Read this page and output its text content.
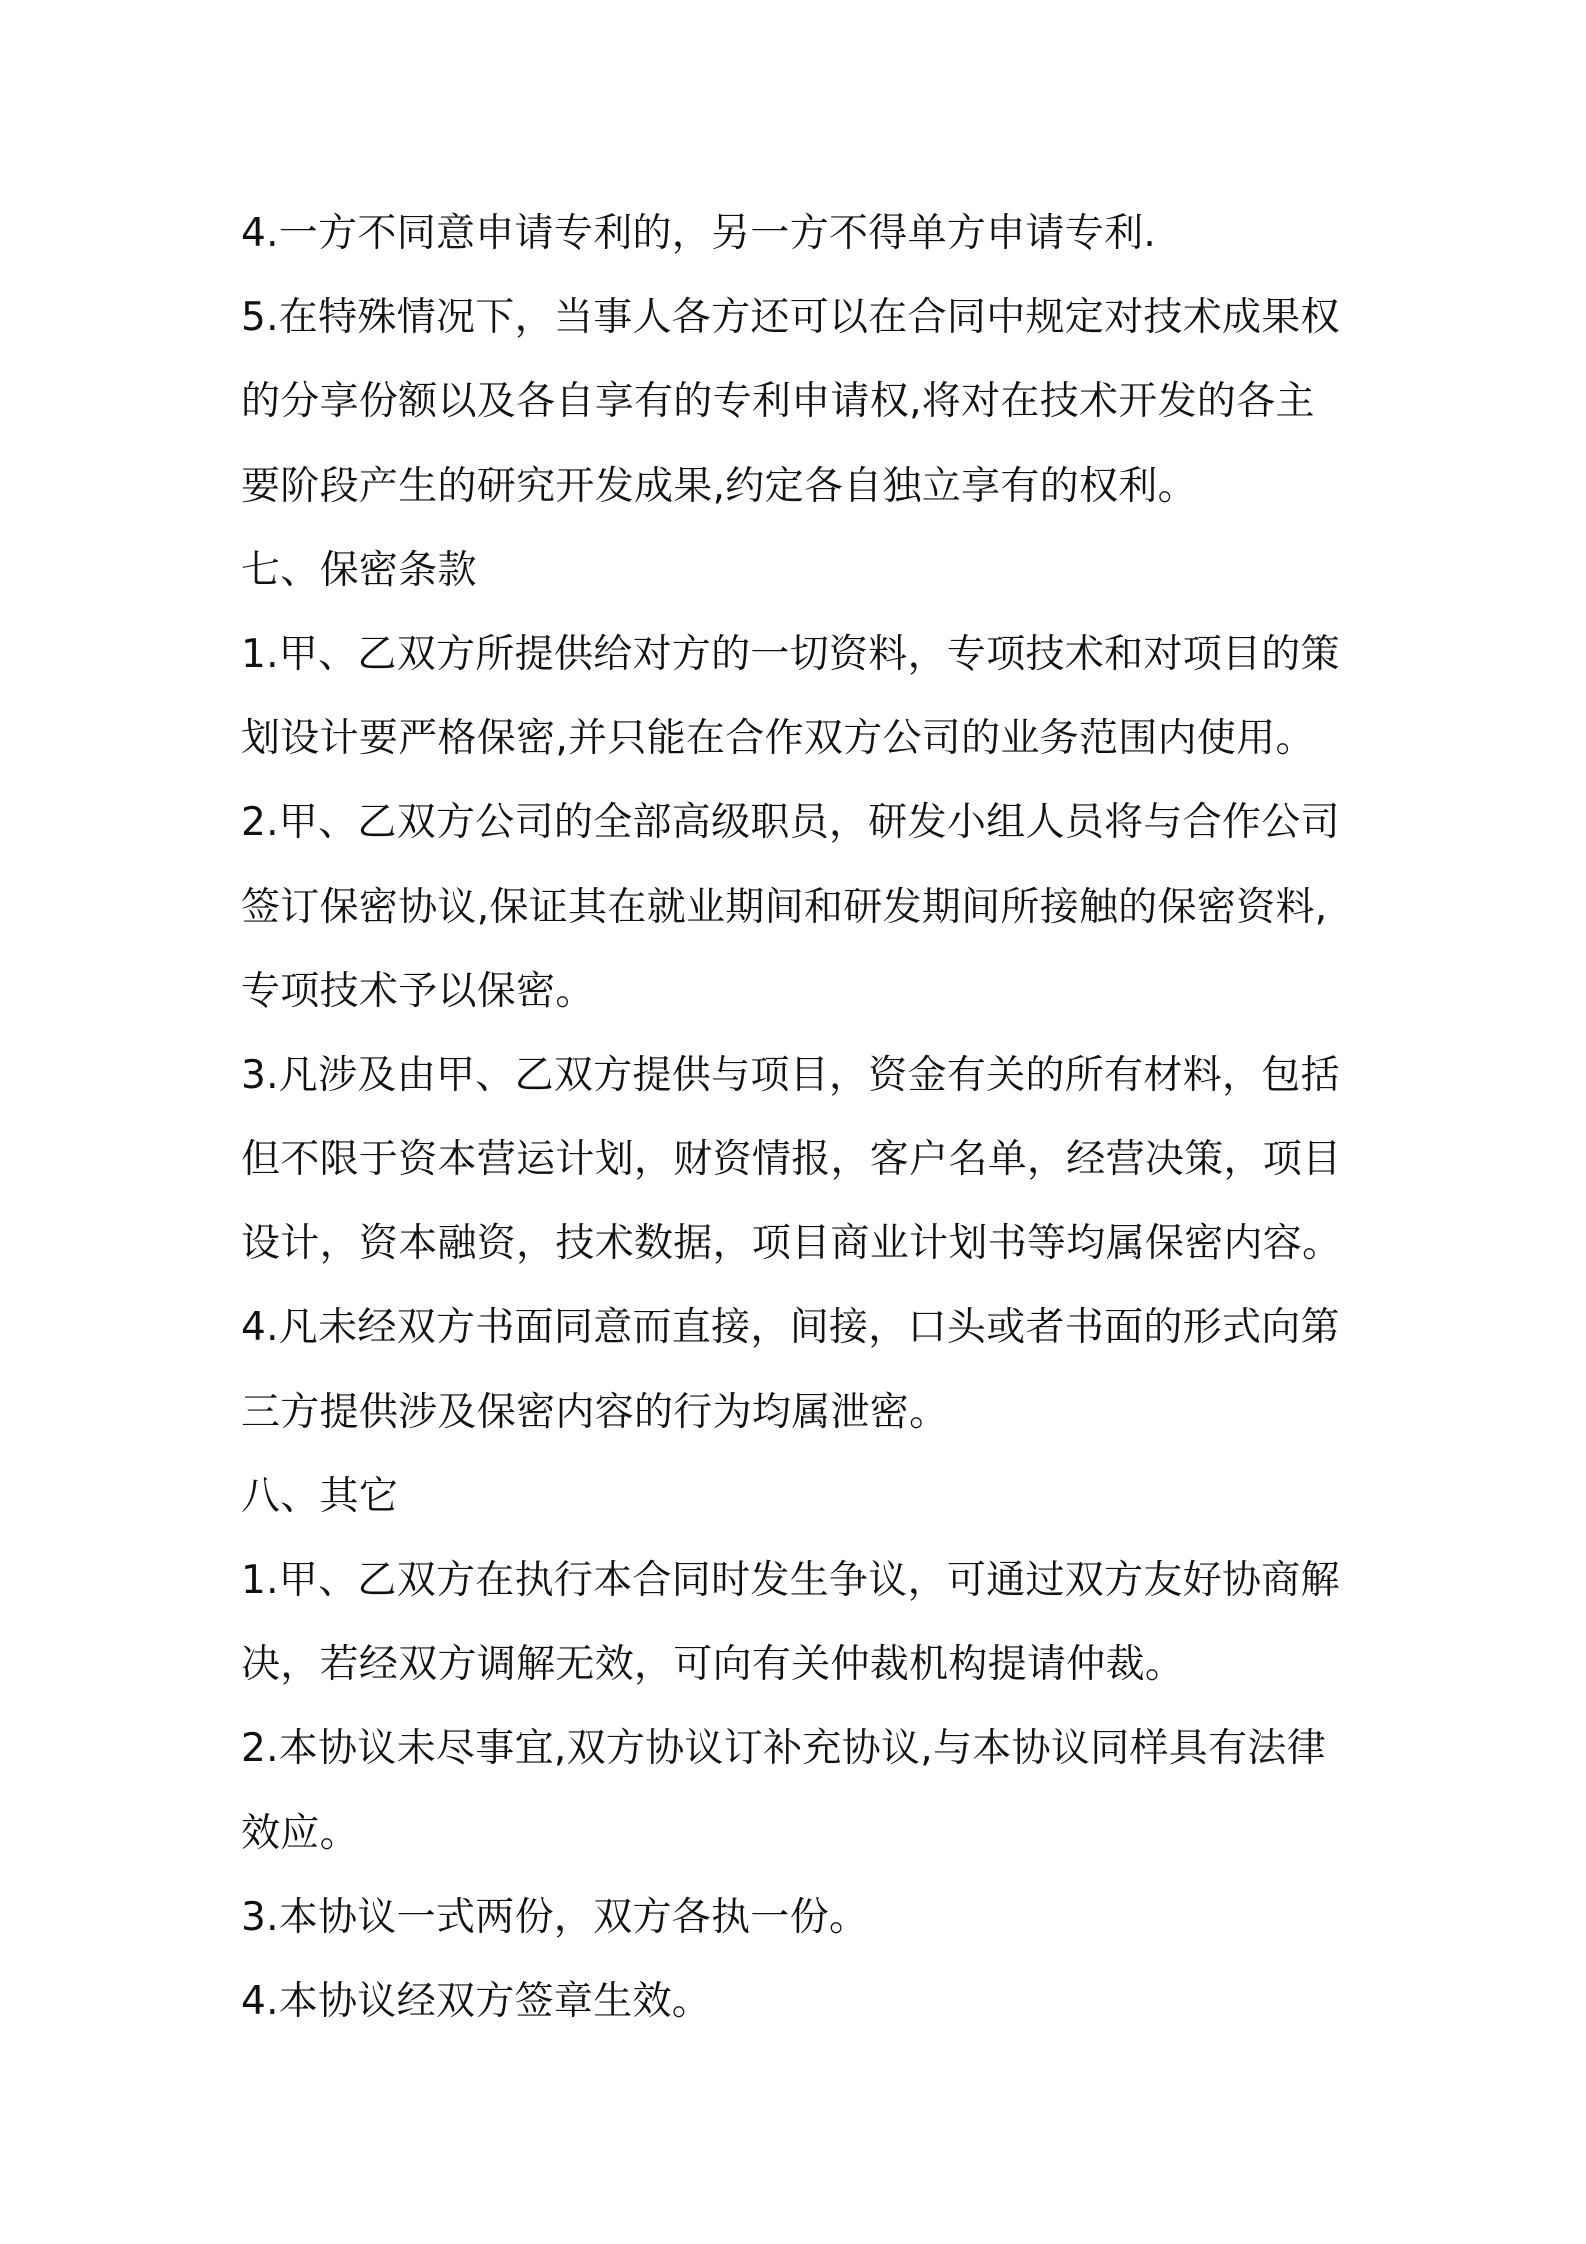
4.一方不同意申请专利的，另一方不得单方申请专利.
5.在特殊情况下，当事人各方还可以在合同中规定对技术成果权
的分享份额以及各自享有的专利申请权,将对在技术开发的各主
要阶段产生的研究开发成果,约定各自独立享有的权利。
七、保密条款
1.甲、乙双方所提供给对方的一切资料，专项技术和对项目的策
划设计要严格保密,并只能在合作双方公司的业务范围内使用。
2.甲、乙双方公司的全部高级职员，研发小组人员将与合作公司
签订保密协议,保证其在就业期间和研发期间所接触的保密资料,
专项技术予以保密。
3.凡涉及由甲、乙双方提供与项目，资金有关的所有材料，包括
但不限于资本营运计划，财资情报，客户名单，经营决策，项目
设计，资本融资，技术数据，项目商业计划书等均属保密内容。
4.凡未经双方书面同意而直接，间接，口头或者书面的形式向第
三方提供涉及保密内容的行为均属泄密。
八、其它
1.甲、乙双方在执行本合同时发生争议，可通过双方友好协商解
决，若经双方调解无效，可向有关仲裁机构提请仲裁。
2.本协议未尽事宜,双方协议订补充协议,与本协议同样具有法律
效应。
3.本协议一式两份，双方各执一份。
4.本协议经双方签章生效。
